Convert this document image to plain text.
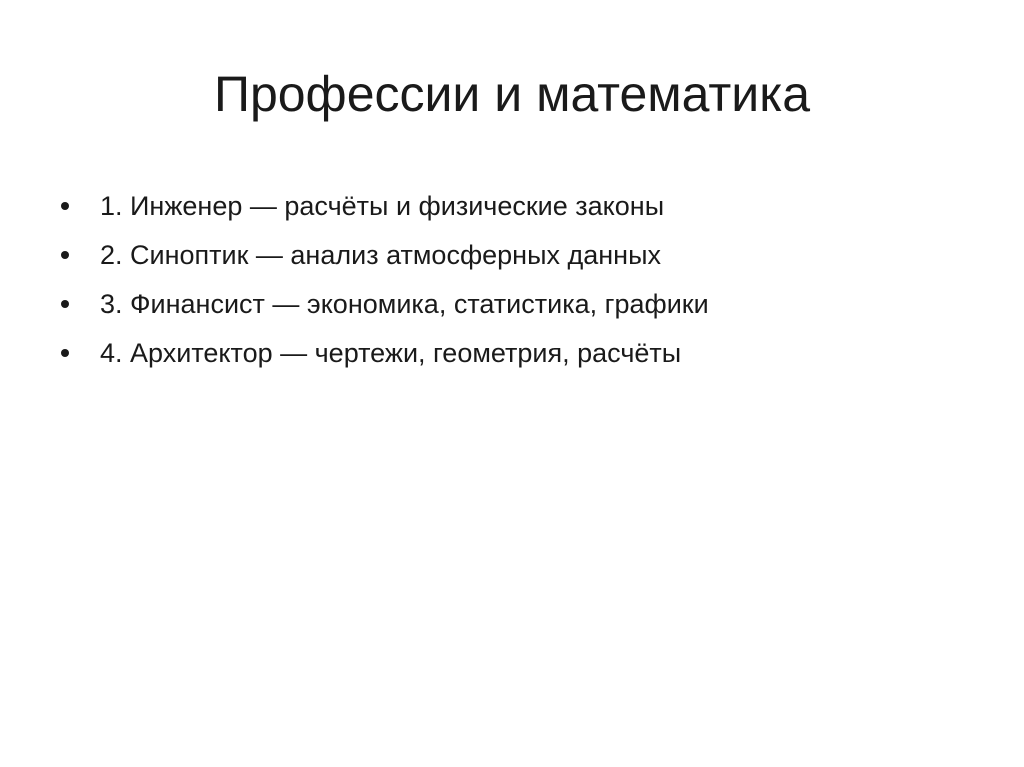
Профессии и математика
1. Инженер — расчёты и физические законы
2. Синоптик — анализ атмосферных данных
3. Финансист — экономика, статистика, графики
4. Архитектор — чертежи, геометрия, расчёты
